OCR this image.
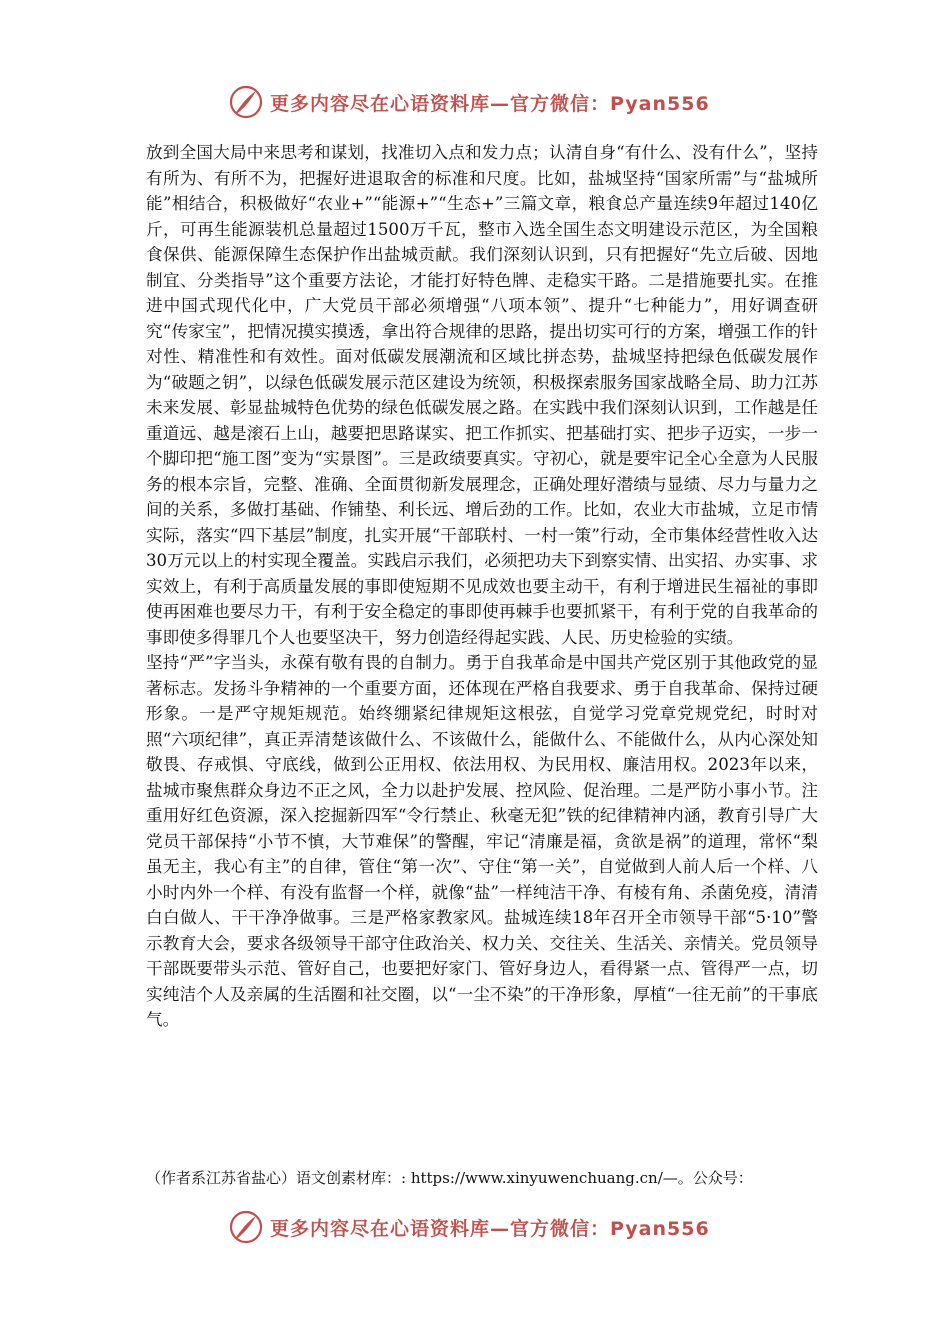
更多内容尽在心语资料库—官方微信：Pyan556

放到全国大局中来思考和谋划，找准切入点和发力点；认清自身“有什么、没有什么”，坚持有所为、有所不为，把握好进退取舍的标准和尺度。比如，盐城坚持“国家所需”与“盐城所能”相结合，积极做好“农业+”“能源+”“生态+”三篇文章，粮食总产量连续9年超过140亿斤，可再生能源装机总量超过1500万千瓦，整市入选全国生态文明建设示范区，为全国粮食保供、能源保障生态保护作出盐城贡献。我们深刻认识到，只有把握好“先立后破、因地制宜、分类指导”这个重要方法论，才能打好特色牌、走稳实干路。二是措施要扎实。在推进中国式现代化中，广大党员干部必须增强“八项本领”、提升“七种能力”，用好调查研究“传家宝”，把情况摸实摸透，拿出符合规律的思路，提出切实可行的方案，增强工作的针对性、精准性和有效性。面对低碳发展潮流和区域比拼态势，盐城坚持把绿色低碳发展作为“破题之钥”，以绿色低碳发展示范区建设为统领，积极探索服务国家战略全局、助力江苏未来发展、彰显盐城特色优势的绿色低碳发展之路。在实践中我们深刻认识到，工作越是任重道远、越是滚石上山，越要把思路谋实、把工作抓实、把基础打实、把步子迈实，一步一个脚印把“施工图”变为“实景图”。三是政绩要真实。守初心，就是要牢记全心全意为人民服务的根本宗旨，完整、准确、全面贯彻新发展理念，正确处理好潜绩与显绩、尽力与量力之间的关系，多做打基础、作铺垫、利长远、增后劲的工作。比如，农业大市盐城，立足市情实际，落实“四下基层”制度，扎实开展“干部联村、一村一策”行动，全市集体经营性收入达30万元以上的村实现全覆盖。实践启示我们，必须把功夫下到察实情、出实招、办实事、求实效上，有利于高质量发展的事即使短期不见成效也要主动干，有利于增进民生福祉的事即使再困难也要尽力干，有利于安全稳定的事即使再棘手也要抓紧干，有利于党的自我革命的事即使多得罪几个人也要坚决干，努力创造经得起实践、人民、历史检验的实绩。

坚持“严”字当头，永葆有敬有畏的自制力。勇于自我革命是中国共产党区别于其他政党的显著标志。发扬斗争精神的一个重要方面，还体现在严格自我要求、勇于自我革命、保持过硬形象。一是严守规矩规范。始终绷紧纪律规矩这根弦，自觉学习党章党规党纪，时时对照“六项纪律”，真正弄清楚该做什么、不该做什么，能做什么、不能做什么，从内心深处知敬畏、存戒惧、守底线，做到公正用权、依法用权、为民用权、廉洁用权。2023年以来，盐城市聚焦群众身边不正之风，全力以赴护发展、控风险、促治理。二是严防小事小节。注重用好红色资源，深入挖掘新四军“令行禁止、秋毫无犯”铁的纪律精神内涵，教育引导广大党员干部保持“小节不慎，大节难保”的警醒，牢记“清廉是福，贪欲是祸”的道理，常怀“梨虽无主，我心有主”的自律，管住“第一次”、守住“第一关”，自觉做到人前人后一个样、八小时内外一个样、有没有监督一个样，就像“盐”一样纯洁干净、有棱有角、杀菌免疫，清清白白做人、干干净净做事。三是严格家教家风。盐城连续18年召开全市领导干部“5·10”警示教育大会，要求各级领导干部守住政治关、权力关、交往关、生活关、亲情关。党员领导干部既要带头示范、管好自己，也要把好家门、管好身边人，看得紧一点、管得严一点，切实纯洁个人及亲属的生活圈和社交圈，以“一尘不染”的干净形象，厚植“一往无前”的干事底气。

（作者系江苏省盐心）语文创素材库：: https://www.xinyuwenchuang.cn/—。公众号：
更多内容尽在心语资料库—官方微信：Pyan556
